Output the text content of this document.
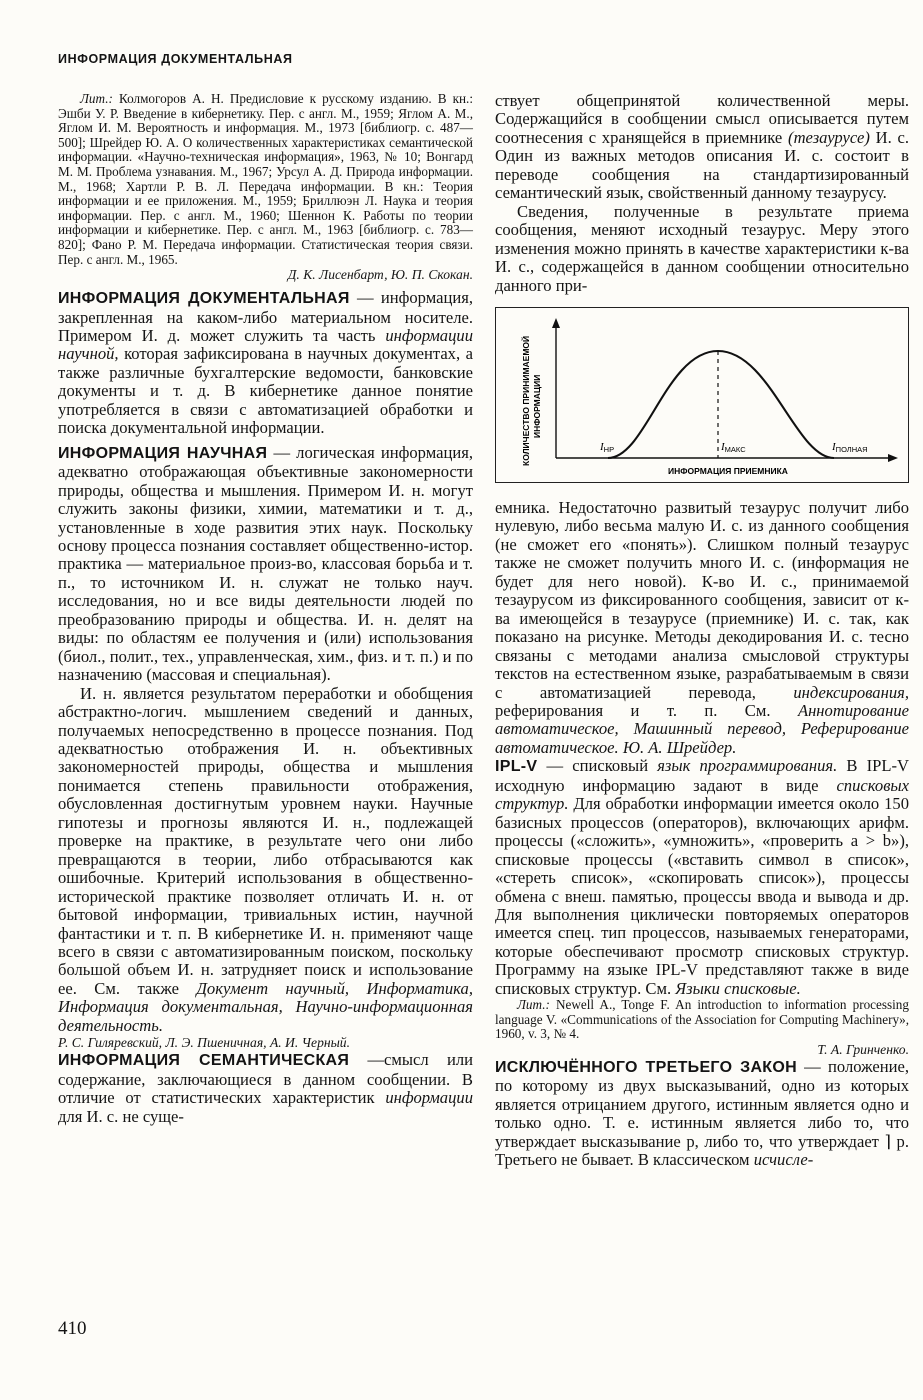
ИНФОРМАЦИЯ ДОКУМЕНТАЛЬНАЯ

Лит.: Колмогоров А. Н. Предисловие к русскому изданию. В кн.: Эшби У. Р. Введение в кибернетику. Пер. с англ. М., 1959; Яглом А. М., Яглом И. М. Вероятность и информация. М., 1973 [библиогр. с. 487—500]; Шрейдер Ю. А. О количественных характеристиках семантической информации. «Научно-техническая информация», 1963, № 10; Вонгард М. М. Проблема узнавания. М., 1967; Урсул А. Д. Природа информации. М., 1968; Хартли Р. В. Л. Передача информации. В кн.: Теория информации и ее приложения. М., 1959; Бриллюэн Л. Наука и теория информации. Пер. с англ. М., 1960; Шеннон К. Работы по теории информации и кибернетике. Пер. с англ. М., 1963 [библиогр. с. 783—820]; Фано Р. М. Передача информации. Статистическая теория связи. Пер. с англ. М., 1965.

Д. К. Лисенбарт, Ю. П. Скокан.

ИНФОРМАЦИЯ ДОКУМЕНТАЛЬНАЯ — информация, закрепленная на каком-либо материальном носителе. Примером И. д. может служить та часть информации научной, которая зафиксирована в научных документах, а также различные бухгалтерские ведомости, банковские документы и т. д. В кибернетике данное понятие употребляется в связи с автоматизацией обработки и поиска документальной информации.

ИНФОРМАЦИЯ НАУЧНАЯ — логическая информация, адекватно отображающая объективные закономерности природы, общества и мышления. Примером И. н. могут служить законы физики, химии, математики и т. д., установленные в ходе развития этих наук. Поскольку основу процесса познания составляет общественно-истор. практика — материальное произ-во, классовая борьба и т. п., то источником И. н. служат не только науч. исследования, но и все виды деятельности людей по преобразованию природы и общества. И. н. делят на виды: по областям ее получения и (или) использования (биол., полит., тех., управленческая, хим., физ. и т. п.) и по назначению (массовая и специальная).

И. н. является результатом переработки и обобщения абстрактно-логич. мышлением сведений и данных, получаемых непосредственно в процессе познания. Под адекватностью отображения И. н. объективных закономерностей природы, общества и мышления понимается степень правильности отображения, обусловленная достигнутым уровнем науки. Научные гипотезы и прогнозы являются И. н., подлежащей проверке на практике, в результате чего они либо превращаются в теории, либо отбрасываются как ошибочные. Критерий использования в общественно-исторической практике позволяет отличать И. н. от бытовой информации, тривиальных истин, научной фантастики и т. п. В кибернетике И. н. применяют чаще всего в связи с автоматизированным поиском, поскольку большой объем И. н. затрудняет поиск и использование ее. См. также Документ научный, Информатика, Информация документальная, Научно-информационная деятельность.

Р. С. Гиляревский, Л. Э. Пшеничная, А. И. Черный.

ИНФОРМАЦИЯ СЕМАНТИЧЕСКАЯ —смысл или содержание, заключающиеся в данном сообщении. В отличие от статистических характеристик информации для И. с. не суще-

ствует общепринятой количественной меры. Содержащийся в сообщении смысл описывается путем соотнесения с хранящейся в приемнике (тезаурусе) И. с. Один из важных методов описания И. с. состоит в переводе сообщения на стандартизированный семантический язык, свойственный данному тезаурусу.

Сведения, полученные в результате приема сообщения, меняют исходный тезаурус. Меру этого изменения можно принять в качестве характеристики к-ва И. с., содержащейся в данном сообщении относительно данного при-

КОЛИЧЕСТВО ПРИНИМАЕМОЙ ИНФОРМАЦИИ
IНР	IМАКС	IПОЛНАЯ
ИНФОРМАЦИЯ ПРИЕМНИКА

емника. Недостаточно развитый тезаурус получит либо нулевую, либо весьма малую И. с. из данного сообщения (не сможет его «понять»). Слишком полный тезаурус также не сможет получить много И. с. (информация не будет для него новой). К-во И. с., принимаемой тезаурусом из фиксированного сообщения, зависит от к-ва имеющейся в тезаурусе (приемнике) И. с. так, как показано на рисунке. Методы декодирования И. с. тесно связаны с методами анализа смысловой структуры текстов на естественном языке, разрабатываемым в связи с автоматизацией перевода, индексирования, реферирования и т. п. См. Аннотирование автоматическое, Машинный перевод, Реферирование автоматическое. Ю. А. Шрейдер.

IPL-V — списковый язык программирования. В IPL-V исходную информацию задают в виде списковых структур. Для обработки информации имеется около 150 базисных процессов (операторов), включающих арифм. процессы («сложить», «умножить», «проверить a > b»), списковые процессы («вставить символ в список», «стереть список», «скопировать список»), процессы обмена с внеш. памятью, процессы ввода и вывода и др. Для выполнения циклически повторяемых операторов имеется спец. тип процессов, называемых генераторами, которые обеспечивают просмотр списковых структур. Программу на языке IPL-V представляют также в виде списковых структур. См. Языки списковые.

Лит.: Newell A., Tonge F. An introduction to information processing language V. «Communications of the Association for Computing Machinery», 1960, v. 3, № 4.

Т. А. Гринченко.

ИСКЛЮЧЁННОГО ТРЕТЬЕГО ЗАКОН — положение, по которому из двух высказываний, одно из которых является отрицанием другого, истинным является одно и только одно. Т. е. истинным является либо то, что утверждает высказывание p, либо то, что утверждает ⌉ p. Третьего не бывает. В классическом исчисле-

410
